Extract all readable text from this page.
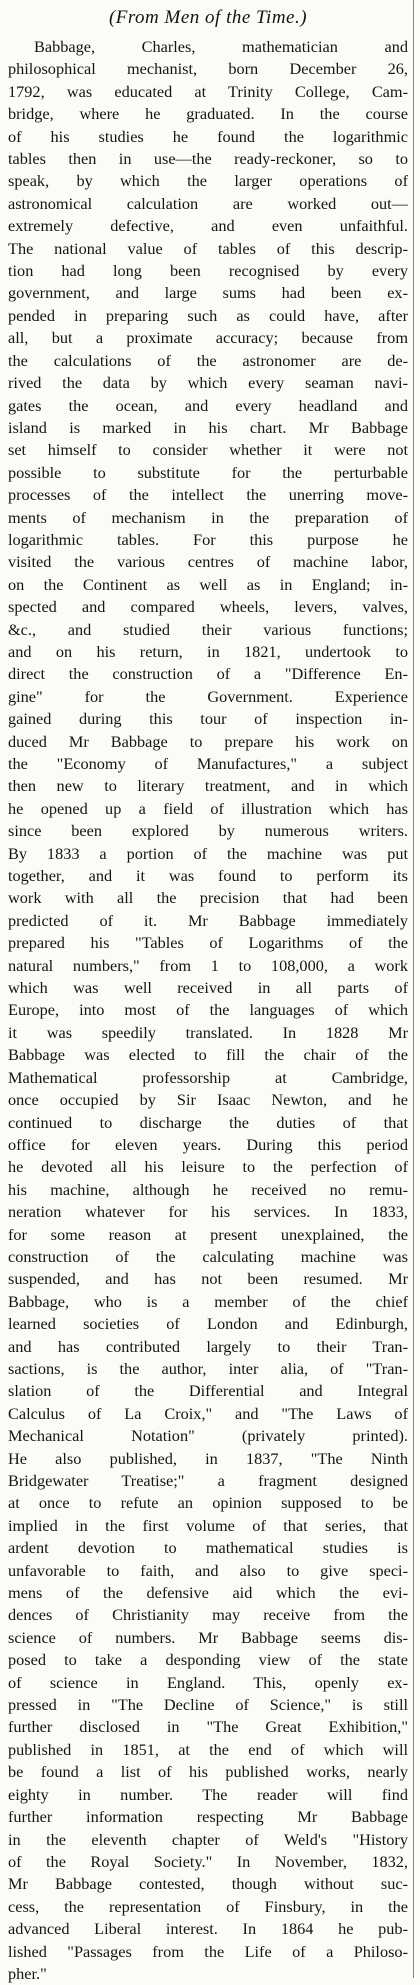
(From Men of the Time.)
Babbage, Charles, mathematician and
philosophical mechanist, born December 26,
1792, was educated at Trinity College, Cam-
bridge, where he graduated. In the course
of his studies he found the logarithmic
tables then in use—the ready-reckoner, so to
speak, by which the larger operations of
astronomical calculation are worked out—
extremely defective, and even unfaithful.
The national value of tables of this descrip-
tion had long been recognised by every
government, and large sums had been ex-
pended in preparing such as could have, after
all, but a proximate accuracy; because from
the calculations of the astronomer are de-
rived the data by which every seaman navi-
gates the ocean, and every headland and
island is marked in his chart. Mr Babbage
set himself to consider whether it were not
possible to substitute for the perturbable
processes of the intellect the unerring move-
ments of mechanism in the preparation of
logarithmic tables. For this purpose he
visited the various centres of machine labor,
on the Continent as well as in England; in-
spected and compared wheels, levers, valves,
&c., and studied their various functions;
and on his return, in 1821, undertook to
direct the construction of a "Difference En-
gine" for the Government. Experience
gained during this tour of inspection in-
duced Mr Babbage to prepare his work on
the "Economy of Manufactures," a subject
then new to literary treatment, and in which
he opened up a field of illustration which has
since been explored by numerous writers.
By 1833 a portion of the machine was put
together, and it was found to perform its
work with all the precision that had been
predicted of it. Mr Babbage immediately
prepared his "Tables of Logarithms of the
natural numbers," from 1 to 108,000, a work
which was well received in all parts of
Europe, into most of the languages of which
it was speedily translated. In 1828 Mr
Babbage was elected to fill the chair of the
Mathematical professorship at Cambridge,
once occupied by Sir Isaac Newton, and he
continued to discharge the duties of that
office for eleven years. During this period
he devoted all his leisure to the perfection of
his machine, although he received no remu-
neration whatever for his services. In 1833,
for some reason at present unexplained, the
construction of the calculating machine was
suspended, and has not been resumed. Mr
Babbage, who is a member of the chief
learned societies of London and Edinburgh,
and has contributed largely to their Tran-
sactions, is the author, inter alia, of "Tran-
slation of the Differential and Integral
Calculus of La Croix," and "The Laws of
Mechanical Notation" (privately printed).
He also published, in 1837, "The Ninth
Bridgewater Treatise;" a fragment designed
at once to refute an opinion supposed to be
implied in the first volume of that series, that
ardent devotion to mathematical studies is
unfavorable to faith, and also to give speci-
mens of the defensive aid which the evi-
dences of Christianity may receive from the
science of numbers. Mr Babbage seems dis-
posed to take a desponding view of the state
of science in England. This, openly ex-
pressed in "The Decline of Science," is still
further disclosed in "The Great Exhibition,"
published in 1851, at the end of which will
be found a list of his published works, nearly
eighty in number. The reader will find
further information respecting Mr Babbage
in the eleventh chapter of Weld's "History
of the Royal Society." In November, 1832,
Mr Babbage contested, though without suc-
cess, the representation of Finsbury, in the
advanced Liberal interest. In 1864 he pub-
lished "Passages from the Life of a Philoso-
pher."
